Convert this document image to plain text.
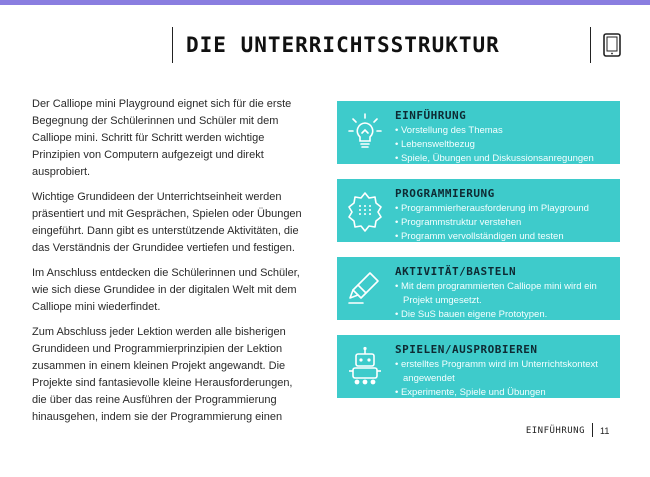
DIE UNTERRICHTSSTRUKTUR

Der Calliope mini Playground eignet sich für die erste Begegnung der Schülerinnen und Schüler mit dem Calliope mini. Schritt für Schritt werden wichtige Prinzipien von Computern aufgezeigt und direkt ausprobiert.

Wichtige Grundideen der Unterrichtseinheit werden präsentiert und mit Gesprächen, Spielen oder Übungen eingeführt. Dann gibt es unterstützende Aktivitäten, die das Verständnis der Grundidee vertiefen und festigen.

Im Anschluss entdecken die Schülerinnen und Schüler, wie sich diese Grundidee in der digitalen Welt mit dem Calliope mini wiederfindet.

Zum Abschluss jeder Lektion werden alle bisherigen Grundideen und Programmierprinzipien der Lektion zusammen in einem kleinen Projekt angewandt. Die Projekte sind fantasievolle kleine Herausforderungen, die über das reine Ausführen der Programmierung hinausgehen, indem sie der Programmierung einen

EINFÜHRUNG
• Vorstellung des Themas
• Lebensweltbezug
• Spiele, Übungen und Diskussionsanregungen
PROGRAMMIERUNG
• Programmierherausforderung im Playground
• Programmstruktur verstehen
• Programm vervollständigen und testen
AKTIVITÄT/BASTELN
• Mit dem programmierten Calliope mini wird ein Projekt umgesetzt.
• Die SuS bauen eigene Prototypen.
SPIELEN/AUSPROBIEREN
• erstelltes Programm wird im Unterrichtskontext angewendet
• Experimente, Spiele und Übungen
EINFÜHRUNG 11
